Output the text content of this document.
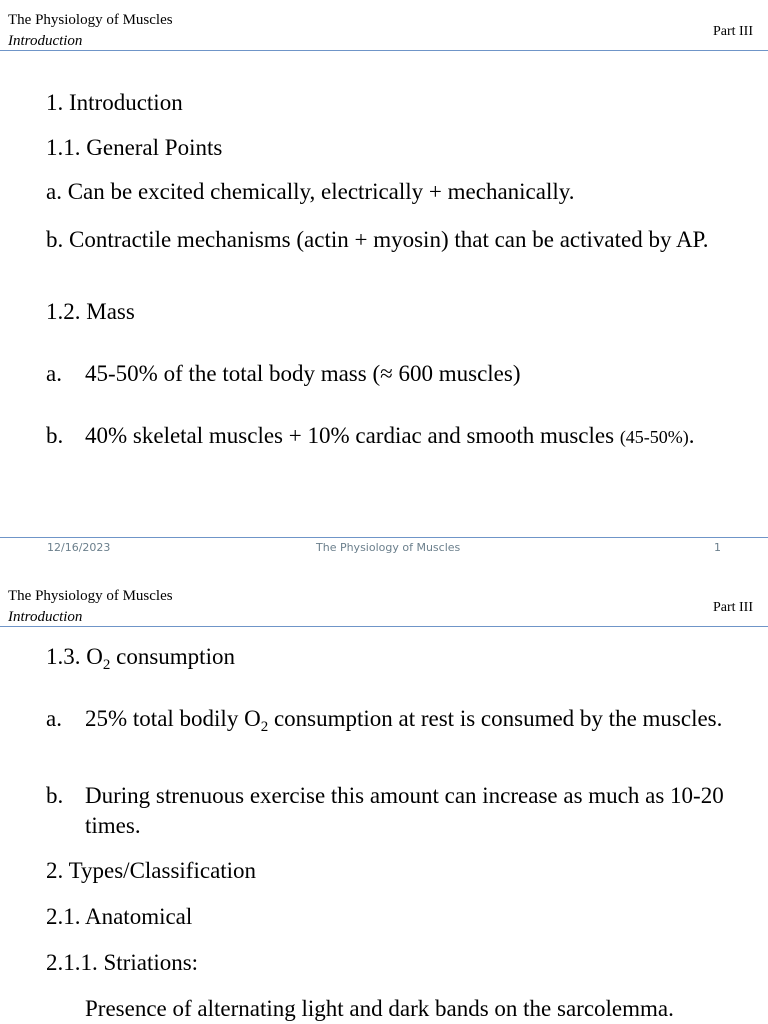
The Physiology of Muscles
Introduction
Part III
1. Introduction
1.1. General Points
a. Can be excited chemically, electrically + mechanically.
b. Contractile mechanisms (actin + myosin) that can be activated by AP.
1.2. Mass
a. 45-50% of the total body mass (≈ 600 muscles)
b. 40% skeletal muscles + 10% cardiac and smooth muscles (45-50%).
12/16/2023	The Physiology of Muscles	1
The Physiology of Muscles
Introduction
Part III
1.3. $O_2$ consumption
a. 25% total bodily $O_2$ consumption at rest is consumed by the muscles.
b. During strenuous exercise this amount can increase as much as 10-20 times.
2. Types/Classification
2.1. Anatomical
2.1.1. Striations:
Presence of alternating light and dark bands on the sarcolemma.
